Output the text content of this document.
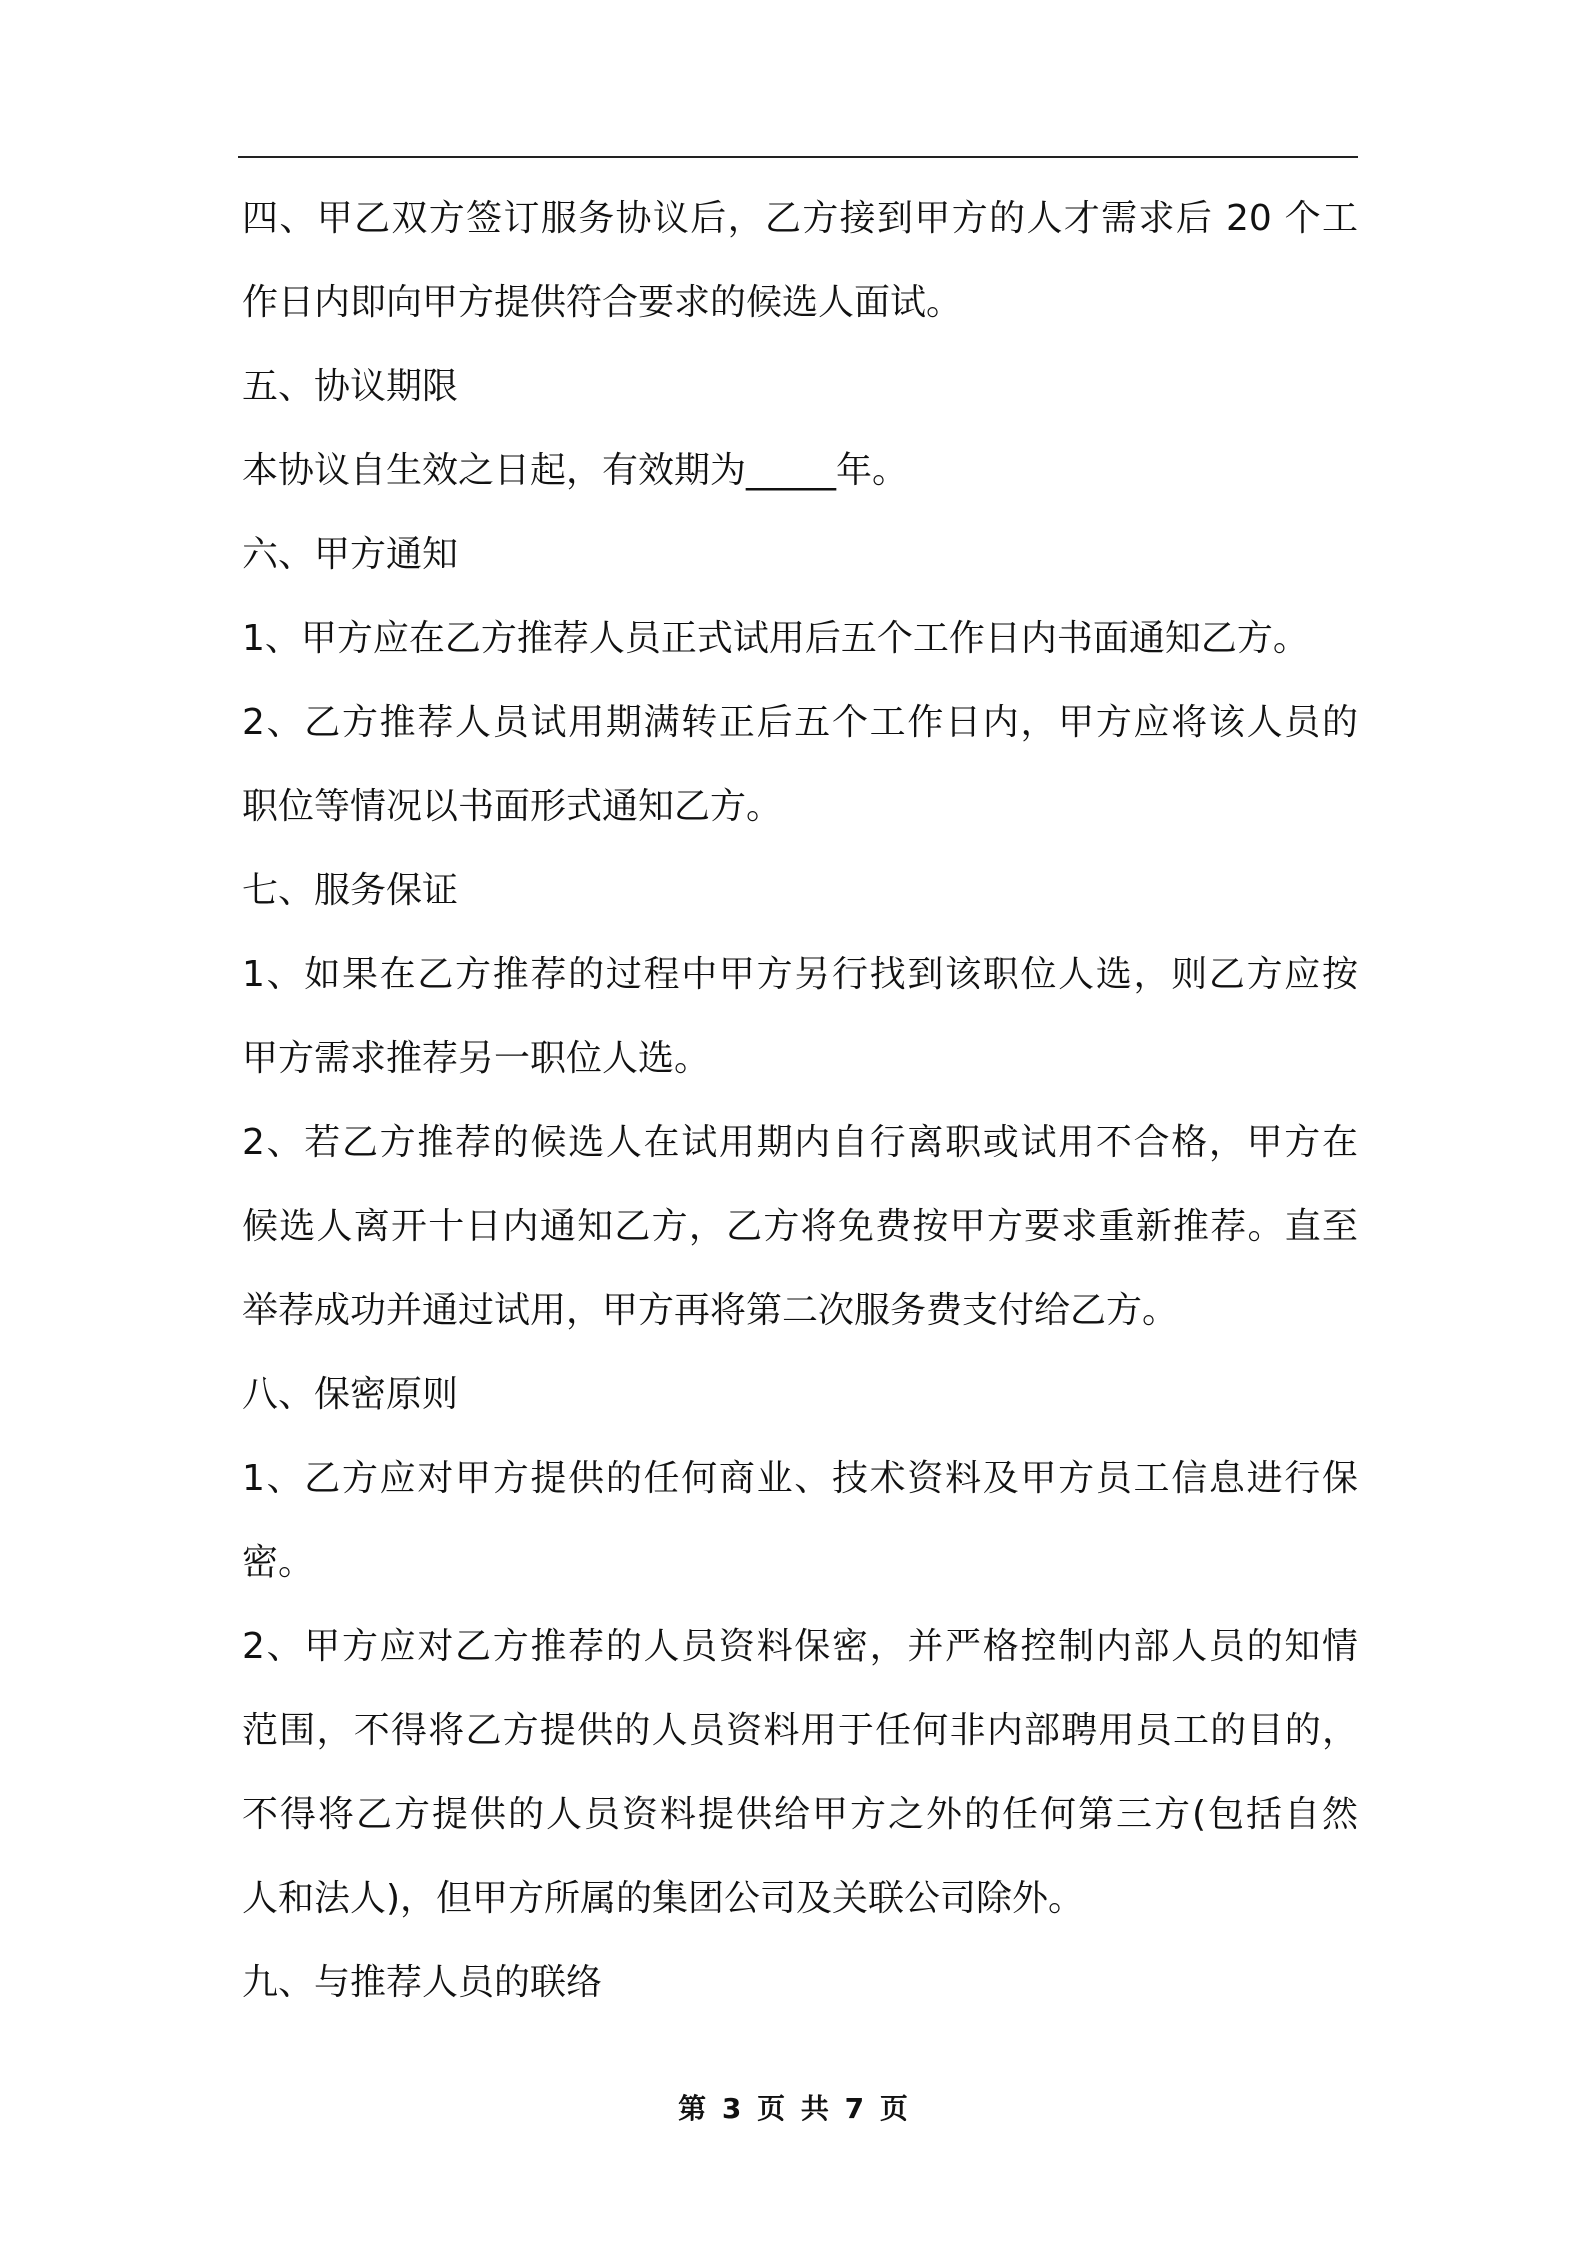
四、甲乙双方签订服务协议后，乙方接到甲方的人才需求后 20 个工
作日内即向甲方提供符合要求的候选人面试。
五、协议期限
本协议自生效之日起，有效期为_____年。
六、甲方通知
1、甲方应在乙方推荐人员正式试用后五个工作日内书面通知乙方。
2、乙方推荐人员试用期满转正后五个工作日内，甲方应将该人员的
职位等情况以书面形式通知乙方。
七、服务保证
1、如果在乙方推荐的过程中甲方另行找到该职位人选，则乙方应按
甲方需求推荐另一职位人选。
2、若乙方推荐的候选人在试用期内自行离职或试用不合格，甲方在
候选人离开十日内通知乙方，乙方将免费按甲方要求重新推荐。直至
举荐成功并通过试用，甲方再将第二次服务费支付给乙方。
八、保密原则
1、乙方应对甲方提供的任何商业、技术资料及甲方员工信息进行保
密。
2、甲方应对乙方推荐的人员资料保密，并严格控制内部人员的知情
范围，不得将乙方提供的人员资料用于任何非内部聘用员工的目的，
不得将乙方提供的人员资料提供给甲方之外的任何第三方(包括自然
人和法人)，但甲方所属的集团公司及关联公司除外。
九、与推荐人员的联络
第 3 页 共 7 页
